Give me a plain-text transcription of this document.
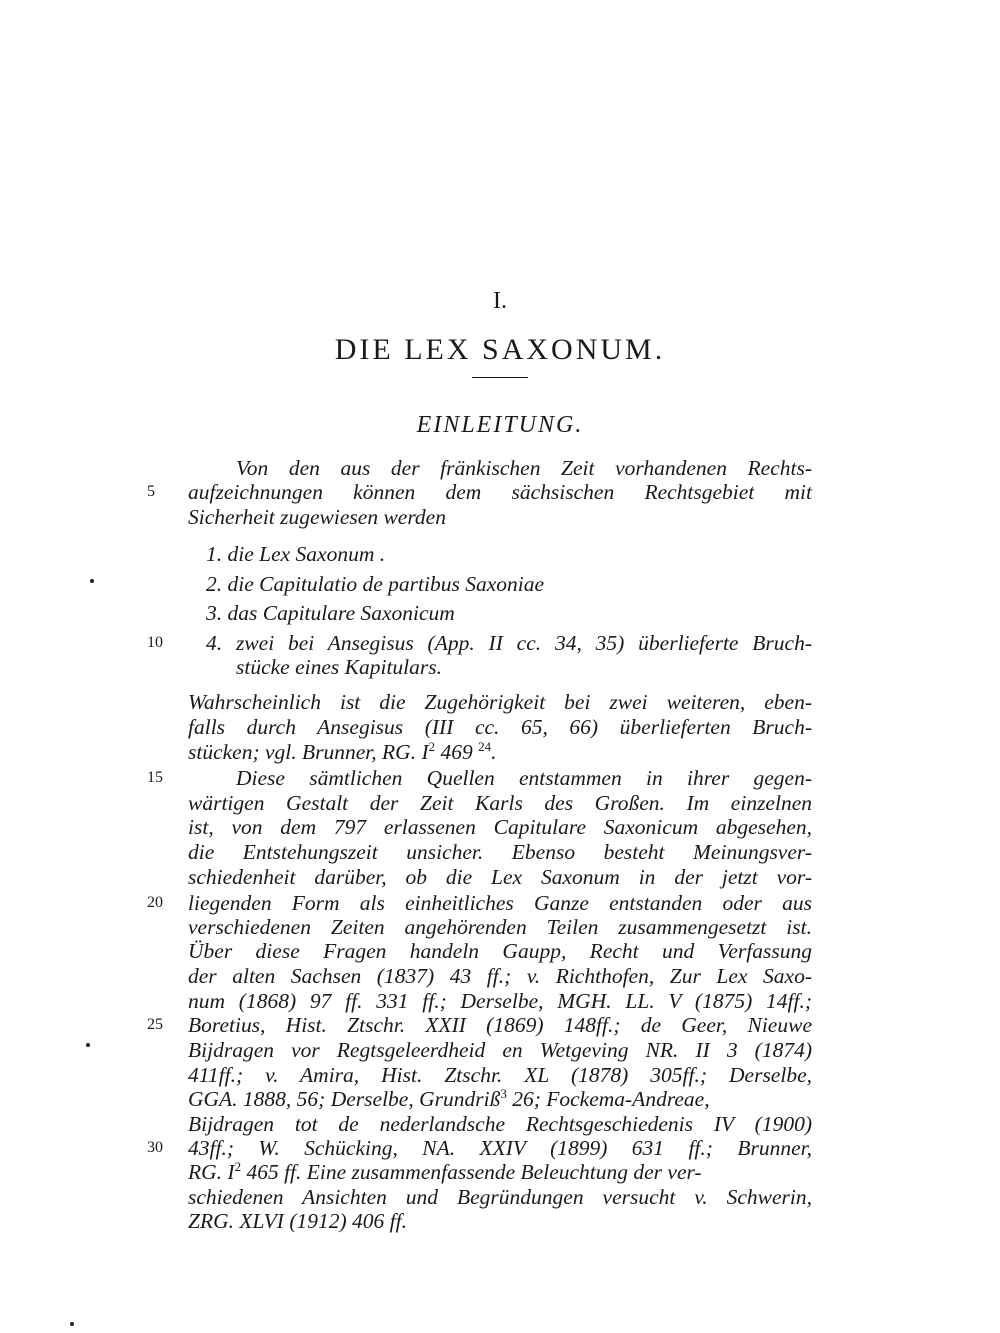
I.
DIE LEX SAXONUM.
EINLEITUNG.
5
10
15
20
25
30
Von den aus der fränkischen Zeit vorhandenen Rechts-
aufzeichnungen können dem sächsischen Rechtsgebiet mit
Sicherheit zugewiesen werden
1. die Lex Saxonum .
2. die Capitulatio de partibus Saxoniae
3. das Capitulare Saxonicum
4. zwei bei Ansegisus (App. II cc. 34, 35) überlieferte Bruch-
stücke eines Kapitulars.
Wahrscheinlich ist die Zugehörigkeit bei zwei weiteren, eben-
falls durch Ansegisus (III cc. 65, 66) überlieferten Bruch-
stücken; vgl. Brunner, RG. $I^2$ 469 $^{24}$.
Diese sämtlichen Quellen entstammen in ihrer gegen-
wärtigen Gestalt der Zeit Karls des Großen. Im einzelnen
ist, von dem 797 erlassenen Capitulare Saxonicum abgesehen,
die Entstehungszeit unsicher. Ebenso besteht Meinungsver-
schiedenheit darüber, ob die Lex Saxonum in der jetzt vor-
liegenden Form als einheitliches Ganze entstanden oder aus
verschiedenen Zeiten angehörenden Teilen zusammengesetzt ist.
Über diese Fragen handeln Gaupp, Recht und Verfassung
der alten Sachsen (1837) 43 ff.; v. Richthofen, Zur Lex Saxo-
num (1868) 97 ff. 331 ff.; Derselbe, MGH. LL. V (1875) 14ff.;
Boretius, Hist. Ztschr. XXII (1869) 148ff.; de Geer, Nieuwe
Bijdragen vor Regtsgeleerdheid en Wetgeving NR. II 3 (1874)
411ff.; v. Amira, Hist. Ztschr. XL (1878) 305ff.; Derselbe,
GGA. 1888, 56; Derselbe, Grundriß$^3$ 26; Fockema-Andreae,
Bijdragen tot de nederlandsche Rechtsgeschiedenis IV (1900)
43ff.; W. Schücking, NA. XXIV (1899) 631 ff.; Brunner,
RG. $I^2$ 465 ff. Eine zusammenfassende Beleuchtung der ver-
schiedenen Ansichten und Begründungen versucht v. Schwerin,
ZRG. XLVI (1912) 406 ff.
